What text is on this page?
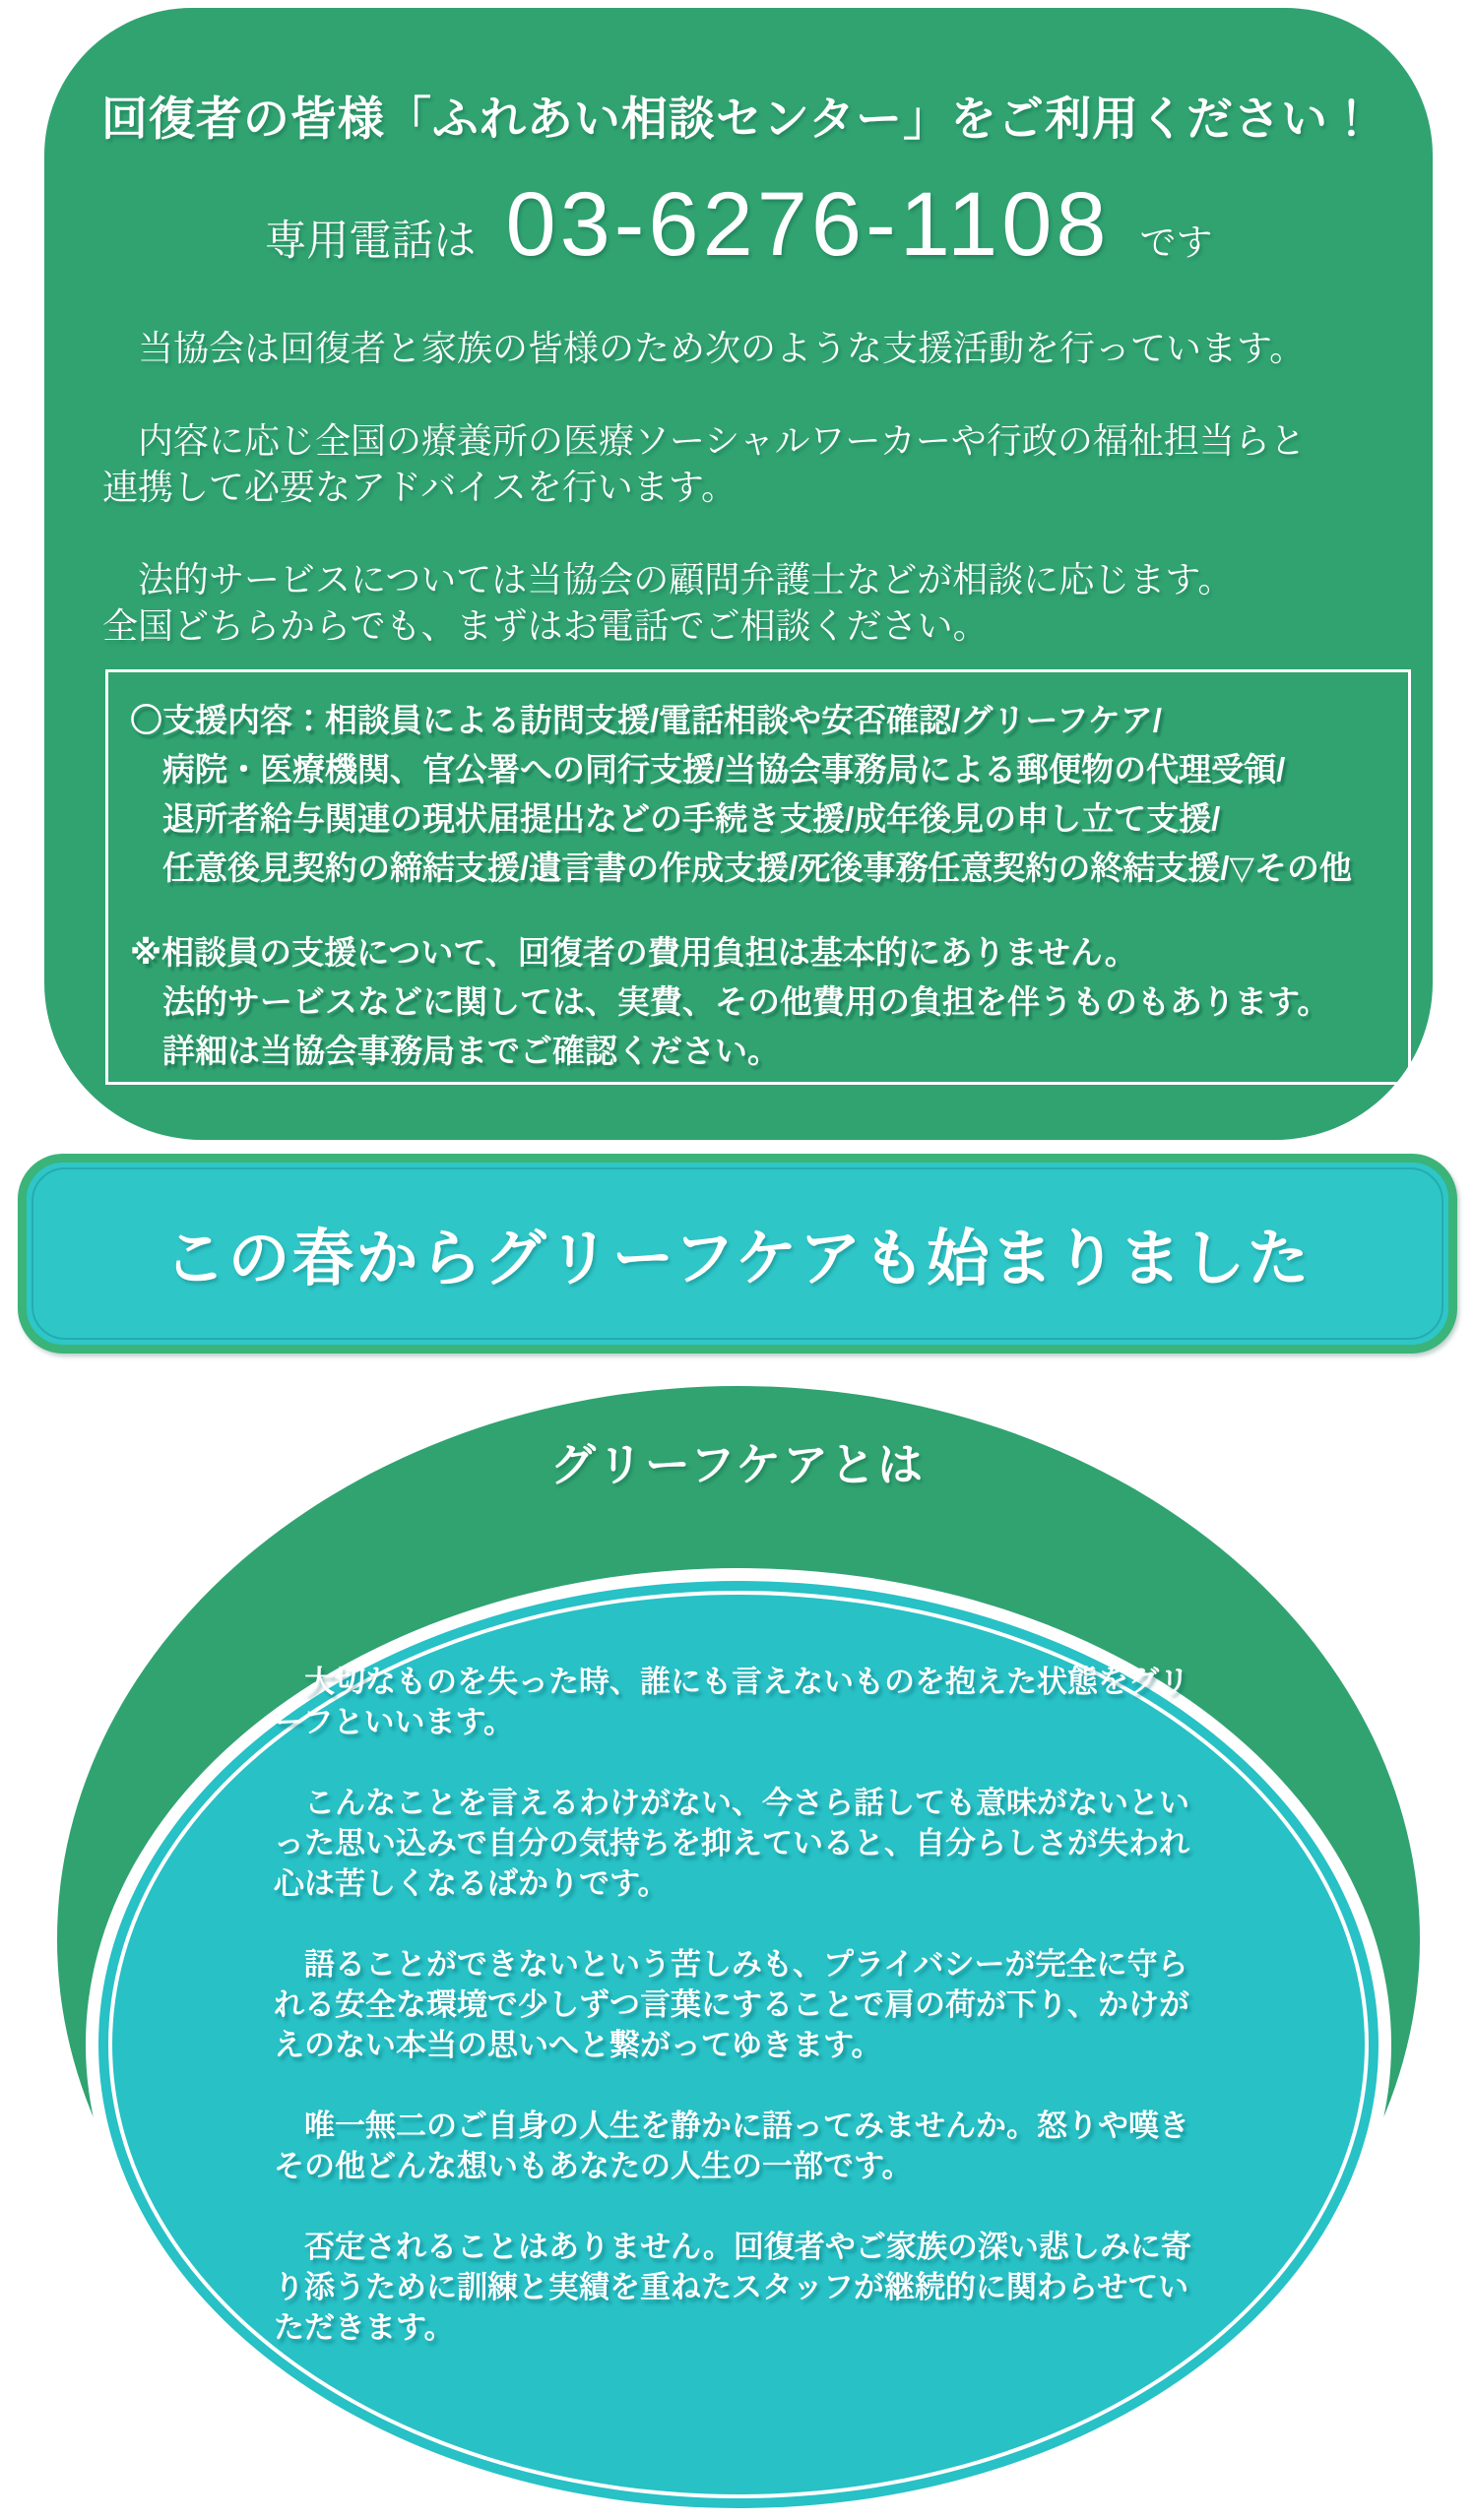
回復者の皆様「ふれあい相談センター」をご利用ください！
専用電話は 03-6276-1108 です
　当協会は回復者と家族の皆様のため次のような支援活動を行っています。

　内容に応じ全国の療養所の医療ソーシャルワーカーや行政の福祉担当らと
連携して必要なアドバイスを行います。

　法的サービスについては当協会の顧問弁護士などが相談に応じます。
全国どちらからでも、まずはお電話でご相談ください。
〇支援内容：相談員による訪問支援/電話相談や安否確認/グリーフケア/
　病院・医療機関、官公署への同行支援/当協会事務局による郵便物の代理受領/
　退所者給与関連の現状届提出などの手続き支援/成年後見の申し立て支援/
　任意後見契約の締結支援/遺言書の作成支援/死後事務任意契約の終結支援/▽その他
※相談員の支援について、回復者の費用負担は基本的にありません。
　法的サービスなどに関しては、実費、その他費用の負担を伴うものもあります。
　詳細は当協会事務局までご確認ください。
この春からグリーフケアも始まりました
グリーフケアとは
　大切なものを失った時、誰にも言えないものを抱えた状態をグリーフといいます。
　こんなことを言えるわけがない、今さら話しても意味がないといった思い込みで自分の気持ちを抑えていると、自分らしさが失われ心は苦しくなるばかりです。
　語ることができないという苦しみも、プライバシーが完全に守られる安全な環境で少しずつ言葉にすることで肩の荷が下り、かけがえのない本当の思いへと繋がってゆきます。
　唯一無二のご自身の人生を静かに語ってみませんか。怒りや嘆きその他どんな想いもあなたの人生の一部です。
　否定されることはありません。回復者やご家族の深い悲しみに寄り添うために訓練と実績を重ねたスタッフが継続的に関わらせていただきます。
